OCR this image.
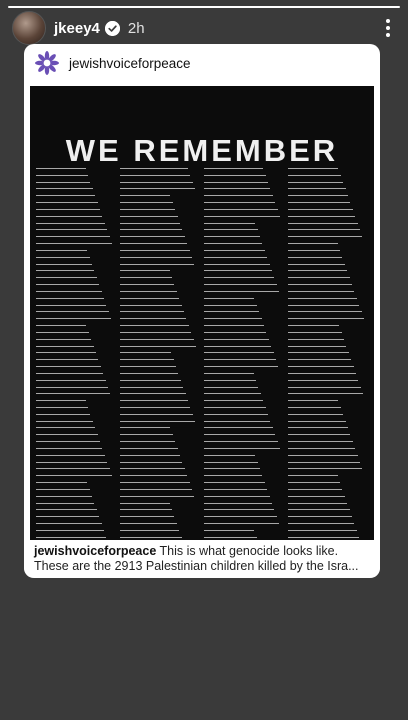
jkeey4 2h
jewishvoiceforpeace
WE REMEMBER
jewishvoiceforpeace This is what genocide looks like.
These are the 2913 Palestinian children killed by the Isra...
